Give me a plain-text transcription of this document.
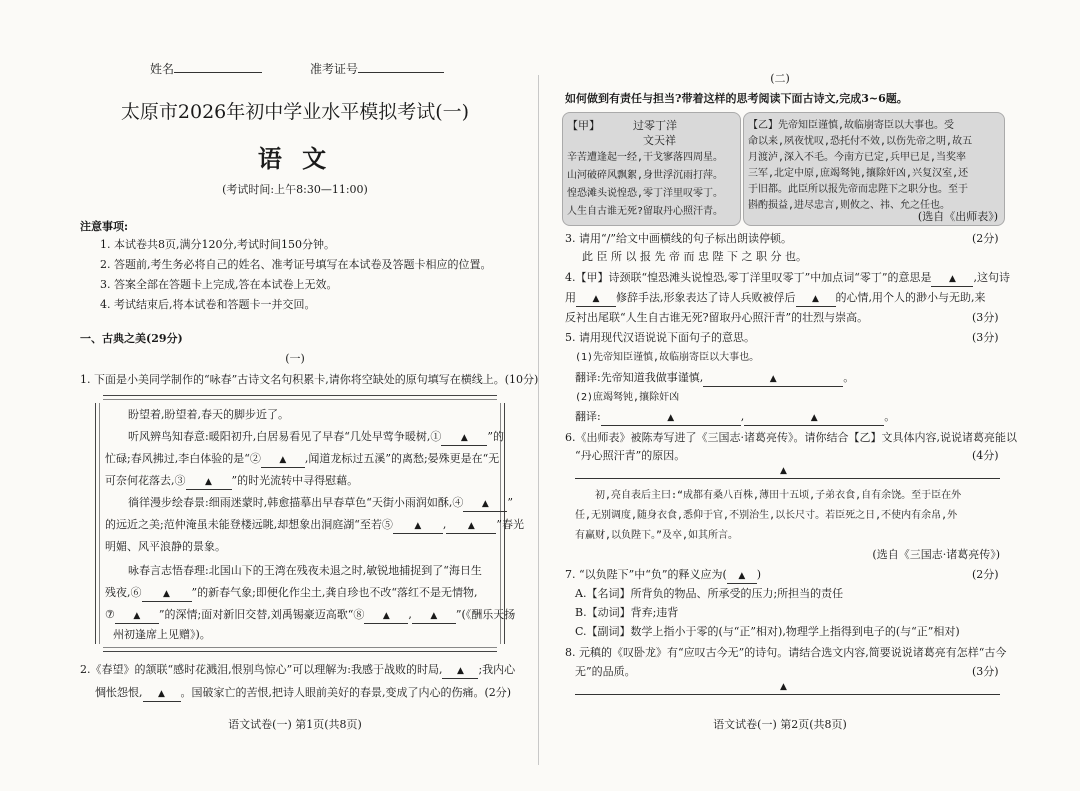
姓名	准考证号
太原市2026年初中学业水平模拟考试(一)
语 文
(考试时间:上午8:30—11:00)
注意事项:
1. 本试卷共8页,满分120分,考试时间150分钟。
2. 答题前,考生务必将自己的姓名、准考证号填写在本试卷及答题卡相应的位置。
3. 答案全部在答题卡上完成,答在本试卷上无效。
4. 考试结束后,将本试卷和答题卡一并交回。
一、古典之美(29分)
(一)
1. 下面是小美同学制作的“咏春”古诗文名句积累卡,请你将空缺处的原句填写在横线上。(10分)
盼望着,盼望着,春天的脚步近了。
听风辨鸟知春意:暖阳初升,白居易看见了早春“几处早莺争暖树,① ▲ ”的
忙碌;春风拂过,李白体验的是“② ▲ ,闻道龙标过五溪”的离愁;晏殊更是在“无
可奈何花落去,③ ▲ ”的时光流转中寻得慰藉。
徜徉漫步绘春景:细雨迷蒙时,韩愈描摹出早春草色“天街小雨润如酥,④ ▲ ”
的远近之美;范仲淹虽未能登楼远眺,却想象出洞庭湖“至若⑤ ▲ , ▲ ”春光
明媚、风平浪静的景象。
咏春言志悟春理:北国山下的王湾在残夜未退之时,敏锐地捕捉到了“海日生
残夜,⑥ ▲ ”的新春气象;即便化作尘土,龚自珍也不改“落红不是无情物,
⑦ ▲ ”的深情;面对新旧交替,刘禹锡豪迈高歌“⑧ ▲ , ▲ ”(《酬乐天扬
州初逢席上见赠》)。
2.《春望》的颔联“感时花溅泪,恨别鸟惊心”可以理解为:我感于战败的时局, ▲ ;我内心
惆怅怨恨, ▲ 。国破家亡的苦恨,把诗人眼前美好的春景,变成了内心的伤痛。(2分)
语文试卷(一) 第1页(共8页)
(二)
如何做到有责任与担当?带着这样的思考阅读下面古诗文,完成3~6题。
【甲】	过零丁洋
文天祥
辛苦遭逢起一经,干戈寥落四周星。
山河破碎风飘絮,身世浮沉雨打萍。
惶恐滩头说惶恐,零丁洋里叹零丁。
人生自古谁无死?留取丹心照汗青。
【乙】先帝知臣谨慎,故临崩寄臣以大事也。受
命以来,夙夜忧叹,恐托付不效,以伤先帝之明,故五
月渡泸,深入不毛。今南方已定,兵甲已足,当奖率
三军,北定中原,庶竭驽钝,攘除奸凶,兴复汉室,还
于旧都。此臣所以报先帝而忠陛下之职分也。至于
斟酌损益,进尽忠言,则攸之、祎、允之任也。
(选自《出师表》)
3. 请用“/”给文中画横线的句子标出朗读停顿。	(2分)
此 臣 所 以 报 先 帝 而 忠 陛 下 之 职 分 也。
4.【甲】诗颈联“惶恐滩头说惶恐,零丁洋里叹零丁”中加点词“零丁”的意思是 ▲ ,这句诗
用 ▲ 修辞手法,形象表达了诗人兵败被俘后 ▲ 的心情,用个人的渺小与无助,来
反衬出尾联“人生自古谁无死?留取丹心照汗青”的壮烈与崇高。	(3分)
5. 请用现代汉语说说下面句子的意思。	(3分)
(1)先帝知臣谨慎,故临崩寄臣以大事也。
翻译:先帝知道我做事谨慎,	▲	。
(2)庶竭驽钝,攘除奸凶
翻译:	▲	,	▲	。
6.《出师表》被陈寿写进了《三国志·诸葛亮传》。请你结合【乙】文具体内容,说说诸葛亮能以
“丹心照汗青”的原因。	(4分)
▲
初,亮自表后主曰:“成都有桑八百株,薄田十五顷,子弟衣食,自有余饶。至于臣在外
任,无别调度,随身衣食,悉仰于官,不别治生,以长尺寸。若臣死之日,不使内有余帛,外
有赢财,以负陛下。”及卒,如其所言。
(选自《三国志·诸葛亮传》)
7. “以负陛下”中“负”的释义应为( ▲ )	(2分)
A.【名词】所背负的物品、所承受的压力;所担当的责任
B.【动词】背弃;违背
C.【副词】数学上指小于零的(与“正”相对),物理学上指得到电子的(与“正”相对)
8. 元稹的《叹卧龙》有“应叹古今无”的诗句。请结合选文内容,简要说说诸葛亮有怎样“古今
无”的品质。	(3分)
▲
语文试卷(一) 第2页(共8页)
